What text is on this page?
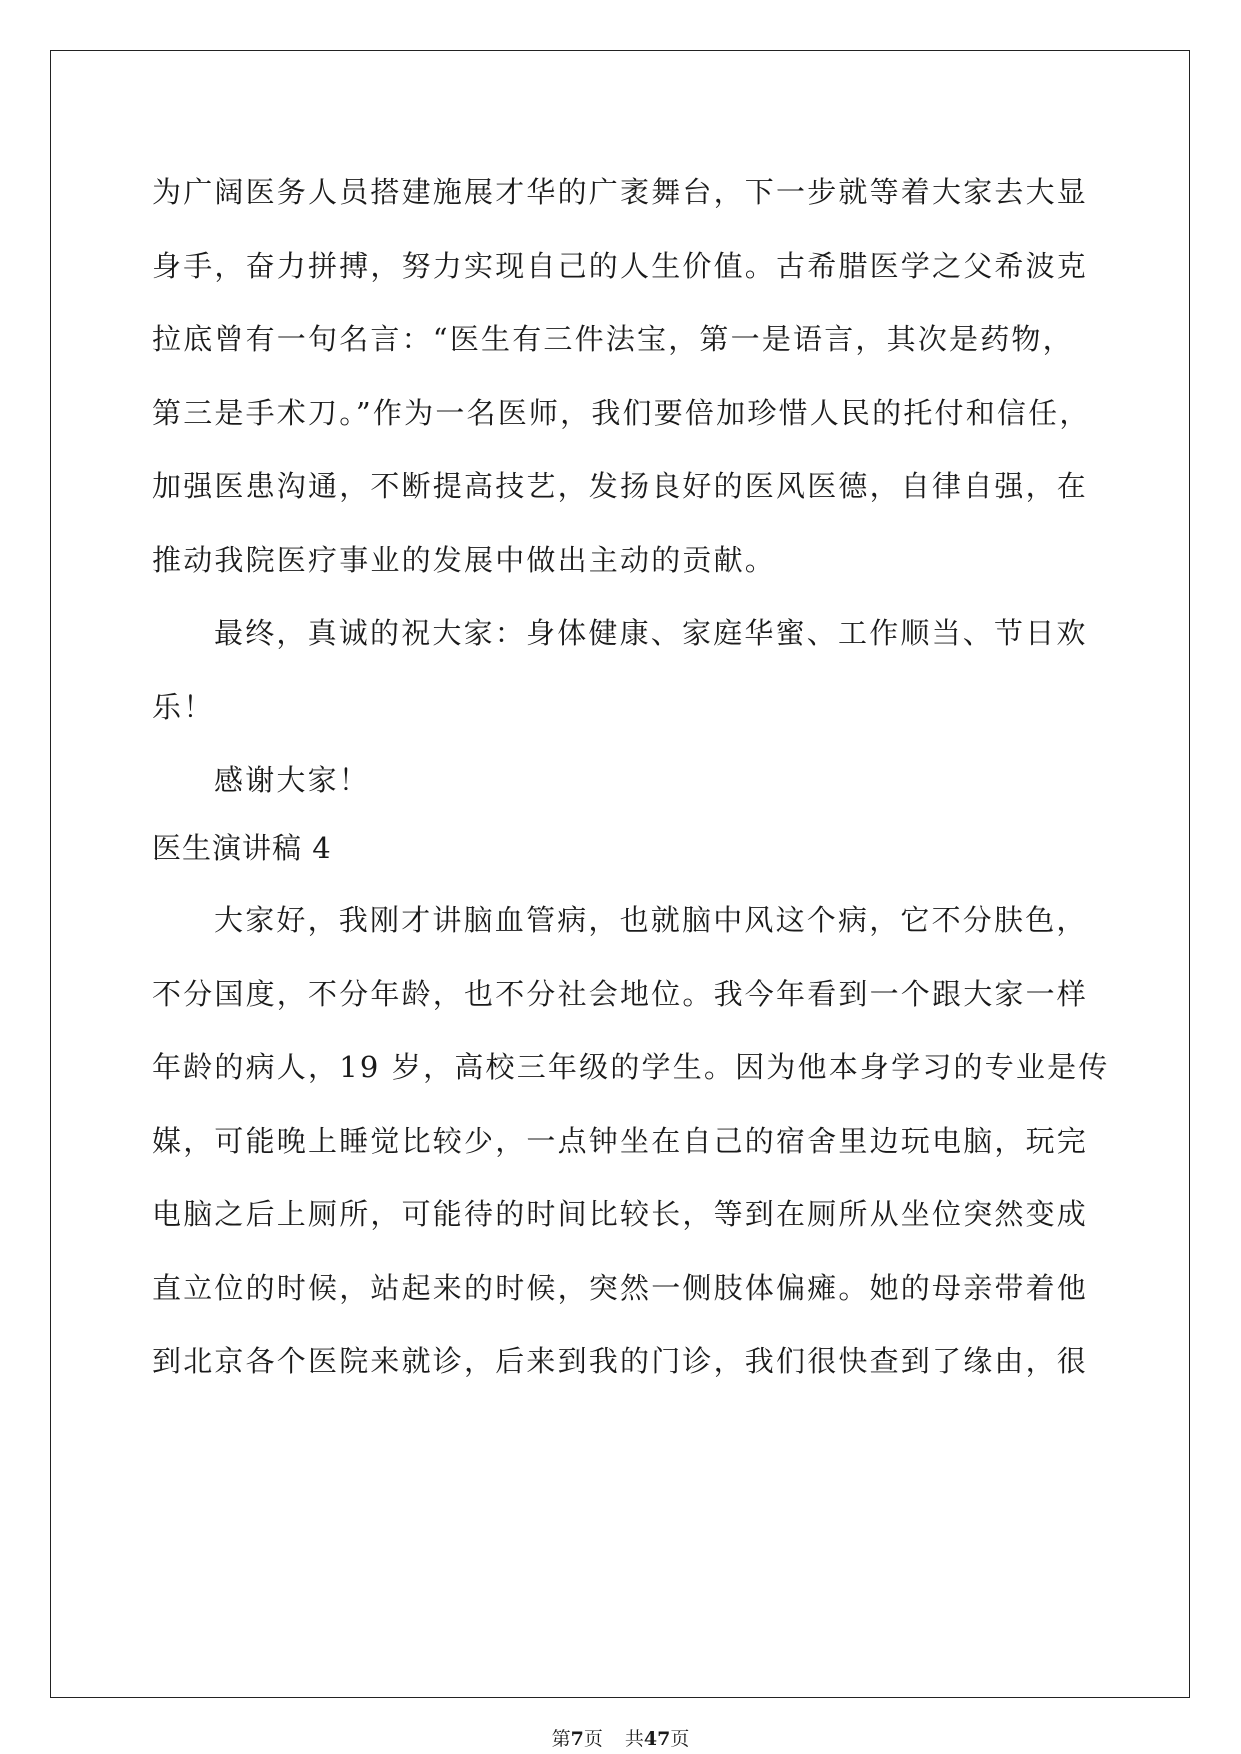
为广阔医务人员搭建施展才华的广袤舞台，下一步就等着大家去大显
身手，奋力拼搏，努力实现自己的人生价值。古希腊医学之父希波克
拉底曾有一句名言：“医生有三件法宝，第一是语言，其次是药物，
第三是手术刀。”作为一名医师，我们要倍加珍惜人民的托付和信任，
加强医患沟通，不断提高技艺，发扬良好的医风医德，自律自强，在
推动我院医疗事业的发展中做出主动的贡献。
最终，真诚的祝大家：身体健康、家庭华蜜、工作顺当、节日欢
乐！
感谢大家！
医生演讲稿 4
大家好，我刚才讲脑血管病，也就脑中风这个病，它不分肤色，
不分国度，不分年龄，也不分社会地位。我今年看到一个跟大家一样
年龄的病人，19 岁，高校三年级的学生。因为他本身学习的专业是传
媒，可能晚上睡觉比较少，一点钟坐在自己的宿舍里边玩电脑，玩完
电脑之后上厕所，可能待的时间比较长，等到在厕所从坐位突然变成
直立位的时候，站起来的时候，突然一侧肢体偏瘫。她的母亲带着他
到北京各个医院来就诊，后来到我的门诊，我们很快查到了缘由，很
第7页 共47页
